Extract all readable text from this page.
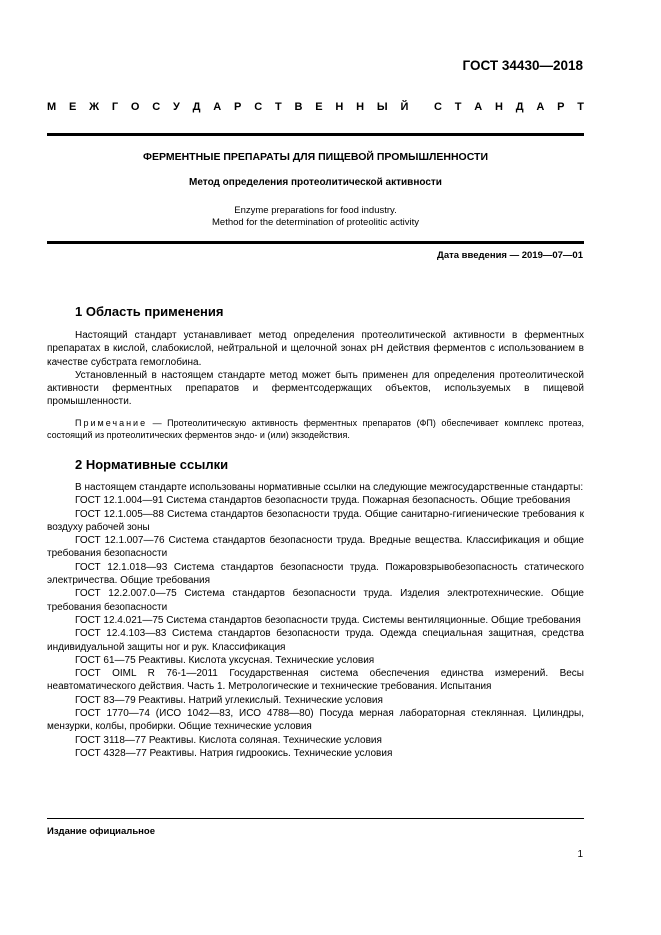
ГОСТ 34430—2018
М Е Ж Г О С У Д А Р С Т В Е Н Н Ы Й С Т А Н Д А Р Т
ФЕРМЕНТНЫЕ ПРЕПАРАТЫ ДЛЯ ПИЩЕВОЙ ПРОМЫШЛЕННОСТИ
Метод определения протеолитической активности
Enzyme preparations for food industry.
Method for the determination of proteolitic activity
Дата введения — 2019—07—01
1 Область применения

Настоящий стандарт устанавливает метод определения протеолитической активности в ферментных препаратах в кислой, слабокислой, нейтральной и щелочной зонах pH действия ферментов с использованием в качестве субстрата гемоглобина.

Установленный в настоящем стандарте метод может быть применен для определения протеолитической активности ферментных препаратов и ферментсодержащих объектов, используемых в пищевой промышленности.

Примечание — Протеолитическую активность ферментных препаратов (ФП) обеспечивает комплекс протеаз, состоящий из протеолитических ферментов эндо- и (или) экзодействия.

2 Нормативные ссылки

В настоящем стандарте использованы нормативные ссылки на следующие межгосударственные стандарты:

ГОСТ 12.1.004—91 Система стандартов безопасности труда. Пожарная безопасность. Общие требования

ГОСТ 12.1.005—88 Система стандартов безопасности труда. Общие санитарно-гигиенические требования к воздуху рабочей зоны

ГОСТ 12.1.007—76 Система стандартов безопасности труда. Вредные вещества. Классификация и общие требования безопасности

ГОСТ 12.1.018—93 Система стандартов безопасности труда. Пожаровзрывобезопасность статического электричества. Общие требования

ГОСТ 12.2.007.0—75 Система стандартов безопасности труда. Изделия электротехнические. Общие требования безопасности

ГОСТ 12.4.021—75 Система стандартов безопасности труда. Системы вентиляционные. Общие требования

ГОСТ 12.4.103—83 Система стандартов безопасности труда. Одежда специальная защитная, средства индивидуальной защиты ног и рук. Классификация

ГОСТ 61—75 Реактивы. Кислота уксусная. Технические условия

ГОСТ OIML R 76-1—2011 Государственная система обеспечения единства измерений. Весы неавтоматического действия. Часть 1. Метрологические и технические требования. Испытания

ГОСТ 83—79 Реактивы. Натрий углекислый. Технические условия

ГОСТ 1770—74 (ИСО 1042—83, ИСО 4788—80) Посуда мерная лабораторная стеклянная. Цилиндры, мензурки, колбы, пробирки. Общие технические условия

ГОСТ 3118—77 Реактивы. Кислота соляная. Технические условия

ГОСТ 4328—77 Реактивы. Натрия гидроокись. Технические условия

Издание официальное
1
